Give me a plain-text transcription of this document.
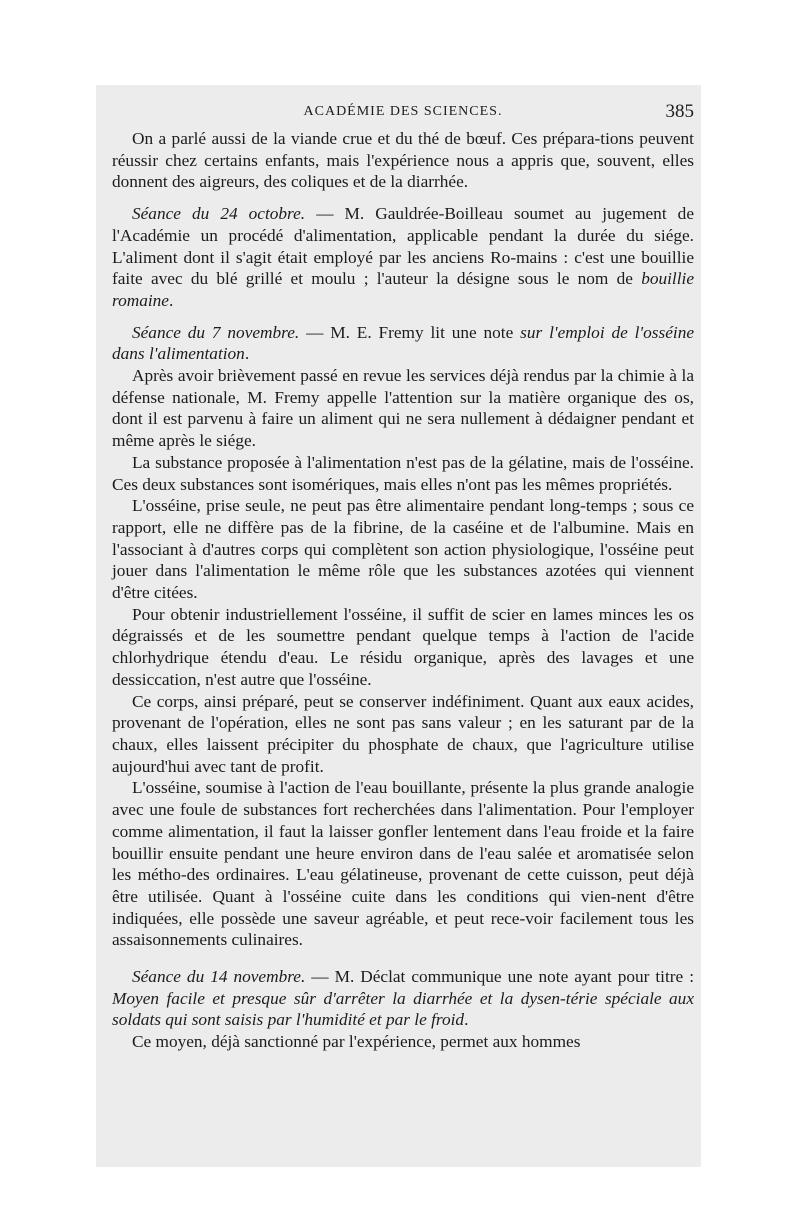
ACADÉMIE DES SCIENCES.	385

On a parlé aussi de la viande crue et du thé de bœuf. Ces prépara-tions peuvent réussir chez certains enfants, mais l'expérience nous a appris que, souvent, elles donnent des aigreurs, des coliques et de la diarrhée.

Séance du 24 octobre. — M. Gauldrée-Boilleau soumet au jugement de l'Académie un procédé d'alimentation, applicable pendant la durée du siége. L'aliment dont il s'agit était employé par les anciens Ro-mains : c'est une bouillie faite avec du blé grillé et moulu ; l'auteur la désigne sous le nom de bouillie romaine.

Séance du 7 novembre. — M. E. Fremy lit une note sur l'emploi de l'osséine dans l'alimentation.

Après avoir brièvement passé en revue les services déjà rendus par la chimie à la défense nationale, M. Fremy appelle l'attention sur la matière organique des os, dont il est parvenu à faire un aliment qui ne sera nullement à dédaigner pendant et même après le siége.

La substance proposée à l'alimentation n'est pas de la gélatine, mais de l'osséine. Ces deux substances sont isomériques, mais elles n'ont pas les mêmes propriétés.

L'osséine, prise seule, ne peut pas être alimentaire pendant long-temps ; sous ce rapport, elle ne diffère pas de la fibrine, de la caséine et de l'albumine. Mais en l'associant à d'autres corps qui complètent son action physiologique, l'osséine peut jouer dans l'alimentation le même rôle que les substances azotées qui viennent d'être citées.

Pour obtenir industriellement l'osséine, il suffit de scier en lames minces les os dégraissés et de les soumettre pendant quelque temps à l'action de l'acide chlorhydrique étendu d'eau. Le résidu organique, après des lavages et une dessiccation, n'est autre que l'osséine.

Ce corps, ainsi préparé, peut se conserver indéfiniment. Quant aux eaux acides, provenant de l'opération, elles ne sont pas sans valeur ; en les saturant par de la chaux, elles laissent précipiter du phosphate de chaux, que l'agriculture utilise aujourd'hui avec tant de profit.

L'osséine, soumise à l'action de l'eau bouillante, présente la plus grande analogie avec une foule de substances fort recherchées dans l'alimentation. Pour l'employer comme alimentation, il faut la laisser gonfler lentement dans l'eau froide et la faire bouillir ensuite pendant une heure environ dans de l'eau salée et aromatisée selon les métho-des ordinaires. L'eau gélatineuse, provenant de cette cuisson, peut déjà être utilisée. Quant à l'osséine cuite dans les conditions qui vien-nent d'être indiquées, elle possède une saveur agréable, et peut rece-voir facilement tous les assaisonnements culinaires.

Séance du 14 novembre. — M. Déclat communique une note ayant pour titre : Moyen facile et presque sûr d'arrêter la diarrhée et la dysen-térie spéciale aux soldats qui sont saisis par l'humidité et par le froid.

Ce moyen, déjà sanctionné par l'expérience, permet aux hommes
